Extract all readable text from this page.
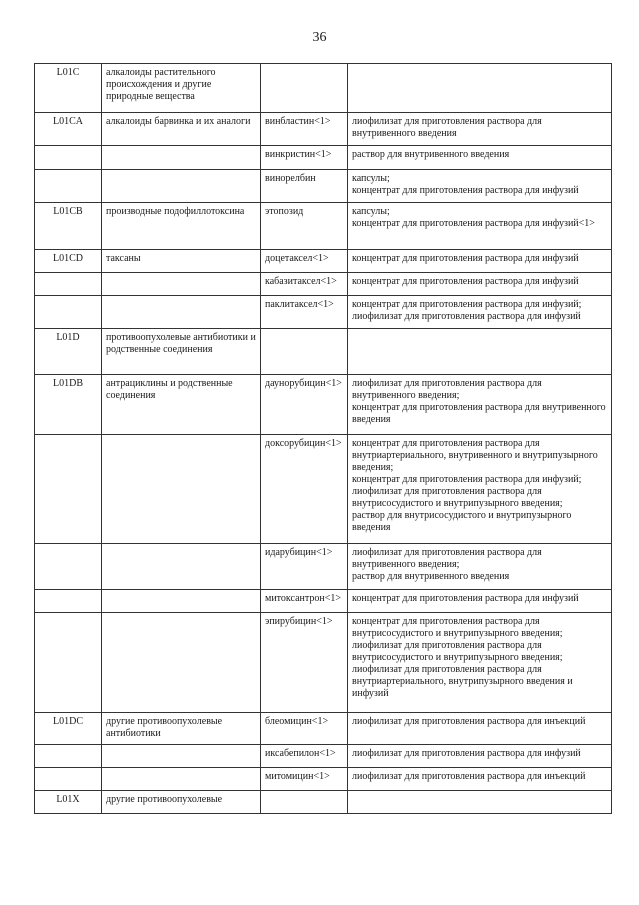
36
L01C	алкалоиды растительного происхождения и другие природные вещества		
L01CA	алкалоиды барвинка и их аналоги	винбластин<1>	лиофилизат для приготовления раствора для внутривенного введения
		винкристин<1>	раствор для внутривенного введения
		винорелбин	капсулы;
концентрат для приготовления раствора для инфузий
L01CB	производные подофиллотоксина	этопозид	капсулы;
концентрат для приготовления раствора для инфузий<1>
L01CD	таксаны	доцетаксел<1>	концентрат для приготовления раствора для инфузий
		кабазитаксел<1>	концентрат для приготовления раствора для инфузий
		паклитаксел<1>	концентрат для приготовления раствора для инфузий;
лиофилизат для приготовления раствора для инфузий
L01D	противоопухолевые антибиотики и родственные соединения		
L01DB	антрациклины и родственные соединения	даунорубицин<1>	лиофилизат для приготовления раствора для внутривенного введения;
концентрат для приготовления раствора для внутривенного введения
		доксорубицин<1>	концентрат для приготовления раствора для внутриартериального, внутривенного и внутрипузырного введения;
концентрат для приготовления раствора для инфузий;
лиофилизат для приготовления раствора для внутрисосудистого и внутрипузырного введения;
раствор для внутрисосудистого и внутрипузырного введения
		идарубицин<1>	лиофилизат для приготовления раствора для внутривенного введения;
раствор для внутривенного введения
		митоксантрон<1>	концентрат для приготовления раствора для инфузий
		эпирубицин<1>	концентрат для приготовления раствора для внутрисосудистого и внутрипузырного введения;
лиофилизат для приготовления раствора для внутрисосудистого и внутрипузырного введения;
лиофилизат для приготовления раствора для внутриартериального, внутрипузырного введения и инфузий
L01DC	другие противоопухолевые антибиотики	блеомицин<1>	лиофилизат для приготовления раствора для инъекций
		иксабепилон<1>	лиофилизат для приготовления раствора для инфузий
		митомицин<1>	лиофилизат для приготовления раствора для инъекций
L01X	другие противоопухолевые		
